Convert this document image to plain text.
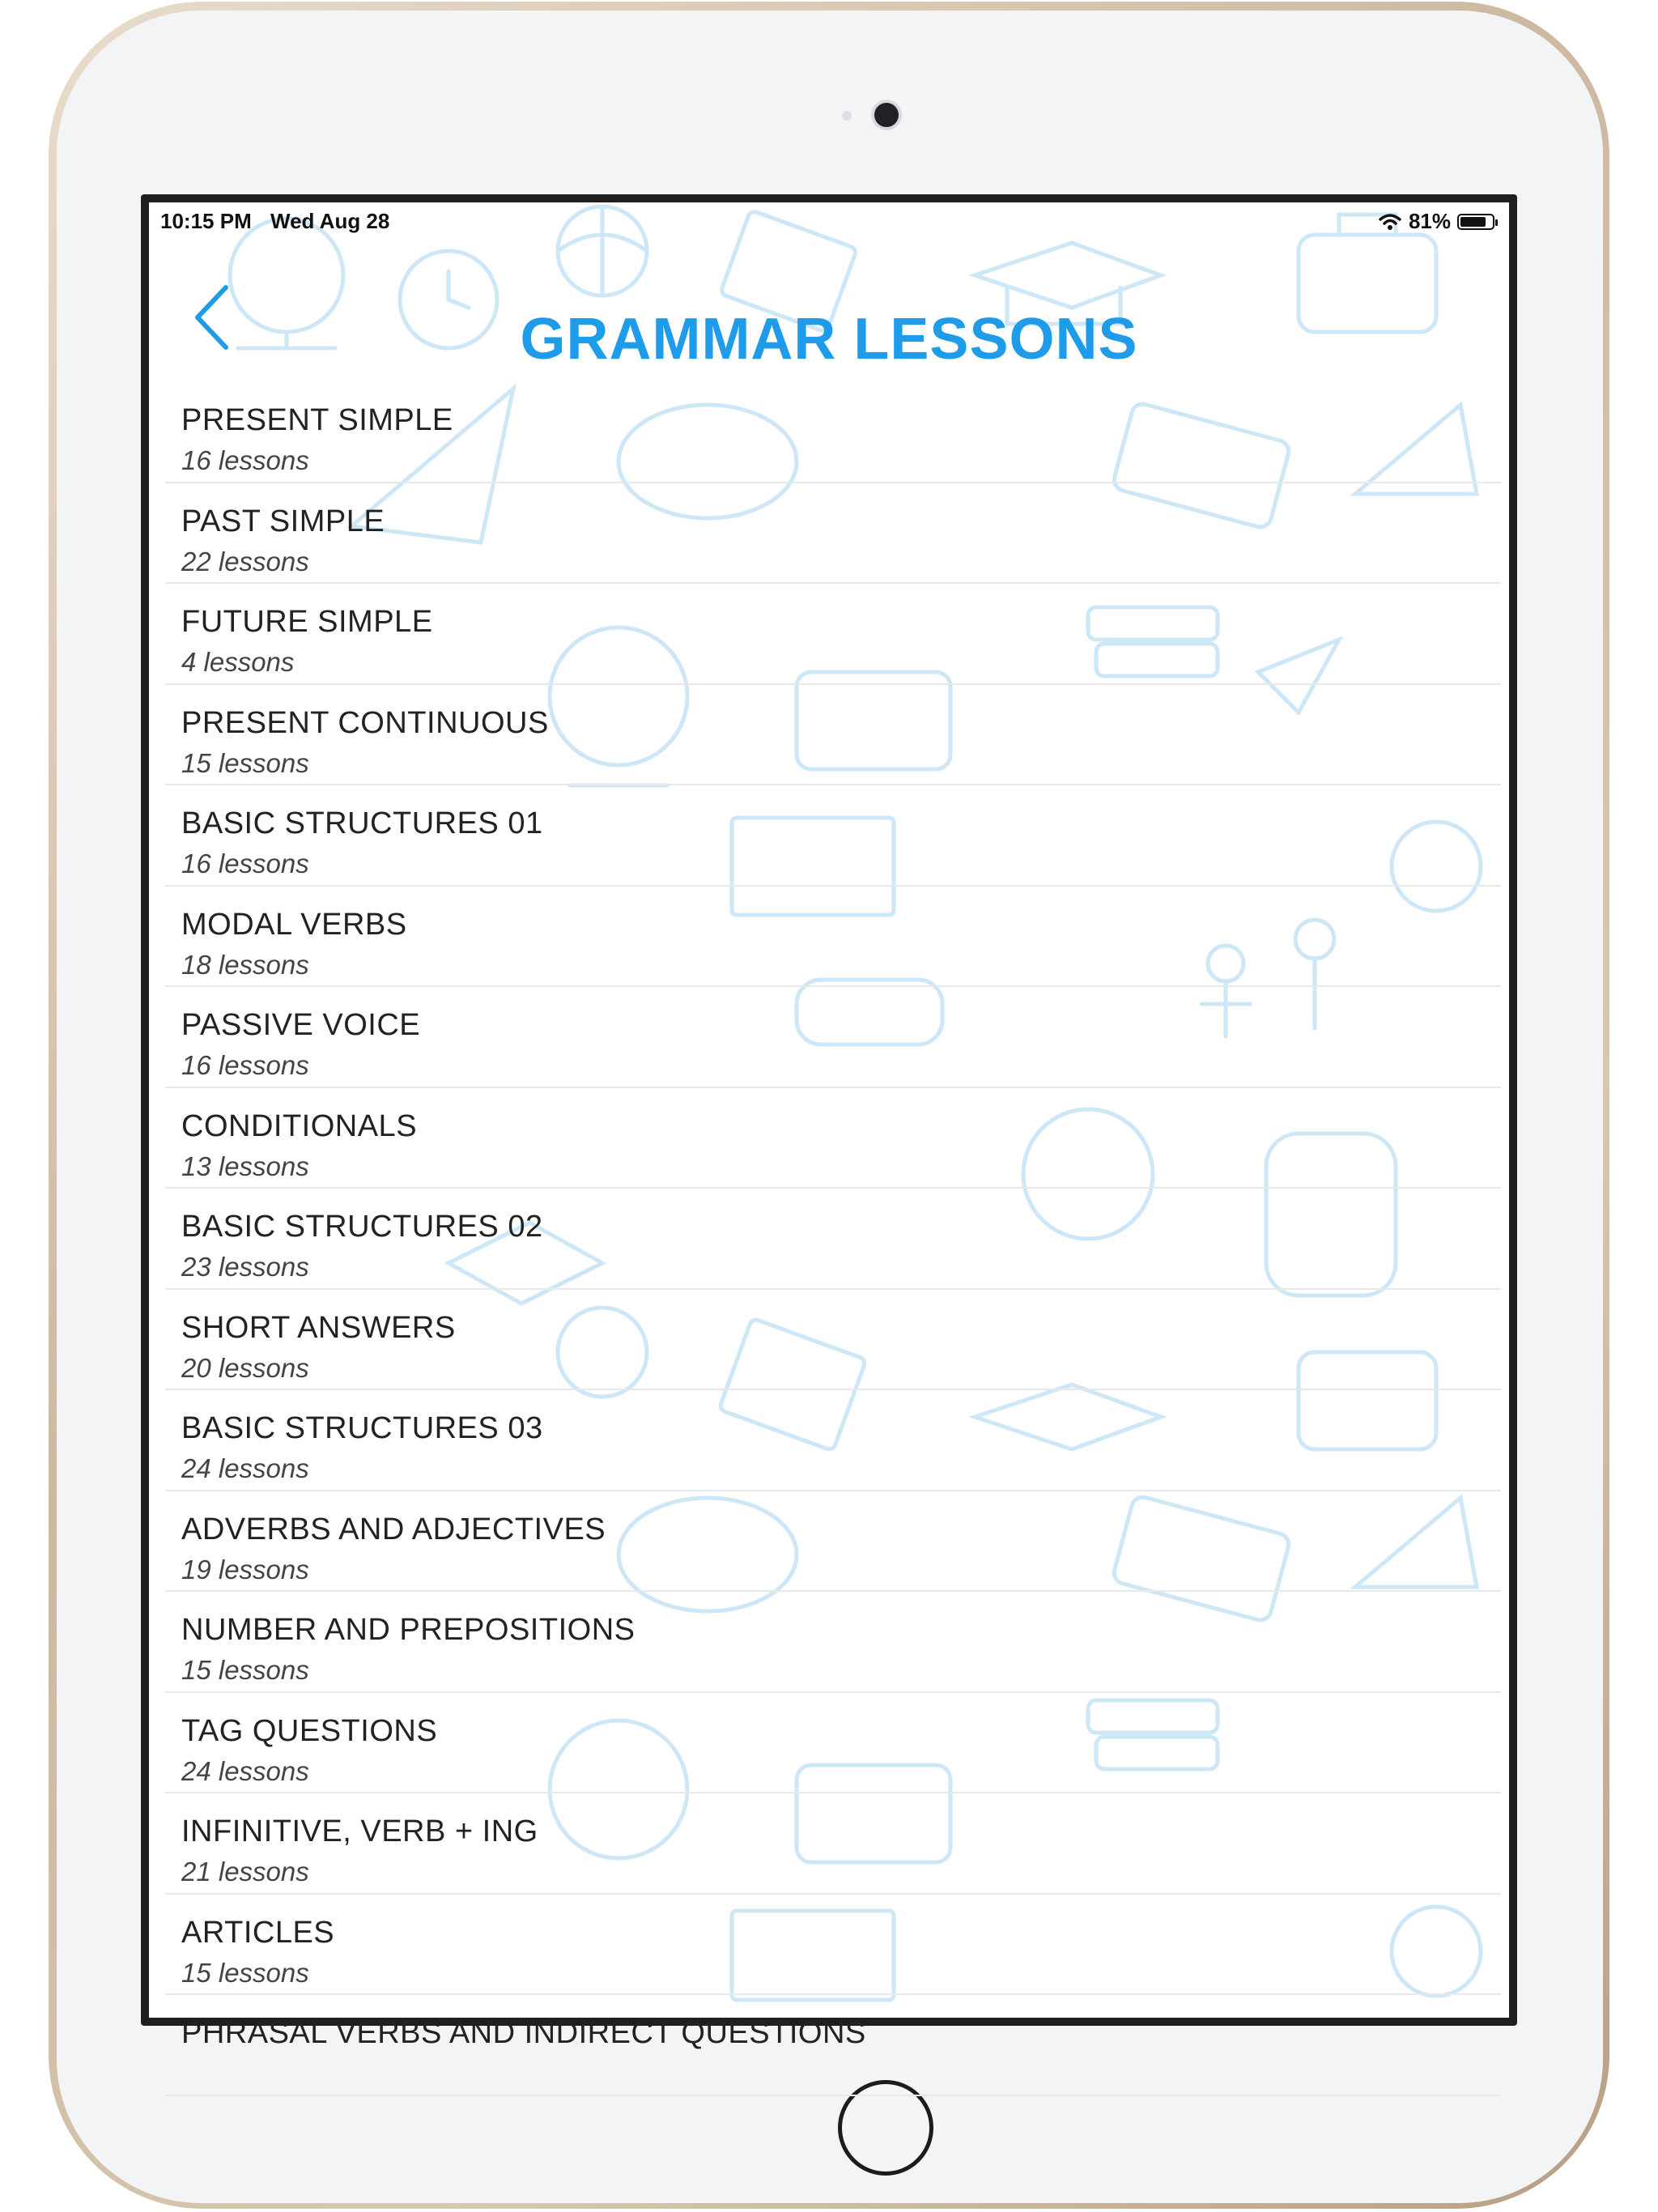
10:15 PM Wed Aug 28	81%
GRAMMAR LESSONS
PRESENT SIMPLE
16 lessons
PAST SIMPLE
22 lessons
FUTURE SIMPLE
4 lessons
PRESENT CONTINUOUS
15 lessons
BASIC STRUCTURES 01
16 lessons
MODAL VERBS
18 lessons
PASSIVE VOICE
16 lessons
CONDITIONALS
13 lessons
BASIC STRUCTURES 02
23 lessons
SHORT ANSWERS
20 lessons
BASIC STRUCTURES 03
24 lessons
ADVERBS AND ADJECTIVES
19 lessons
NUMBER AND PREPOSITIONS
15 lessons
TAG QUESTIONS
24 lessons
INFINITIVE, VERB + ING
21 lessons
ARTICLES
15 lessons
PHRASAL VERBS AND INDIRECT QUESTIONS
